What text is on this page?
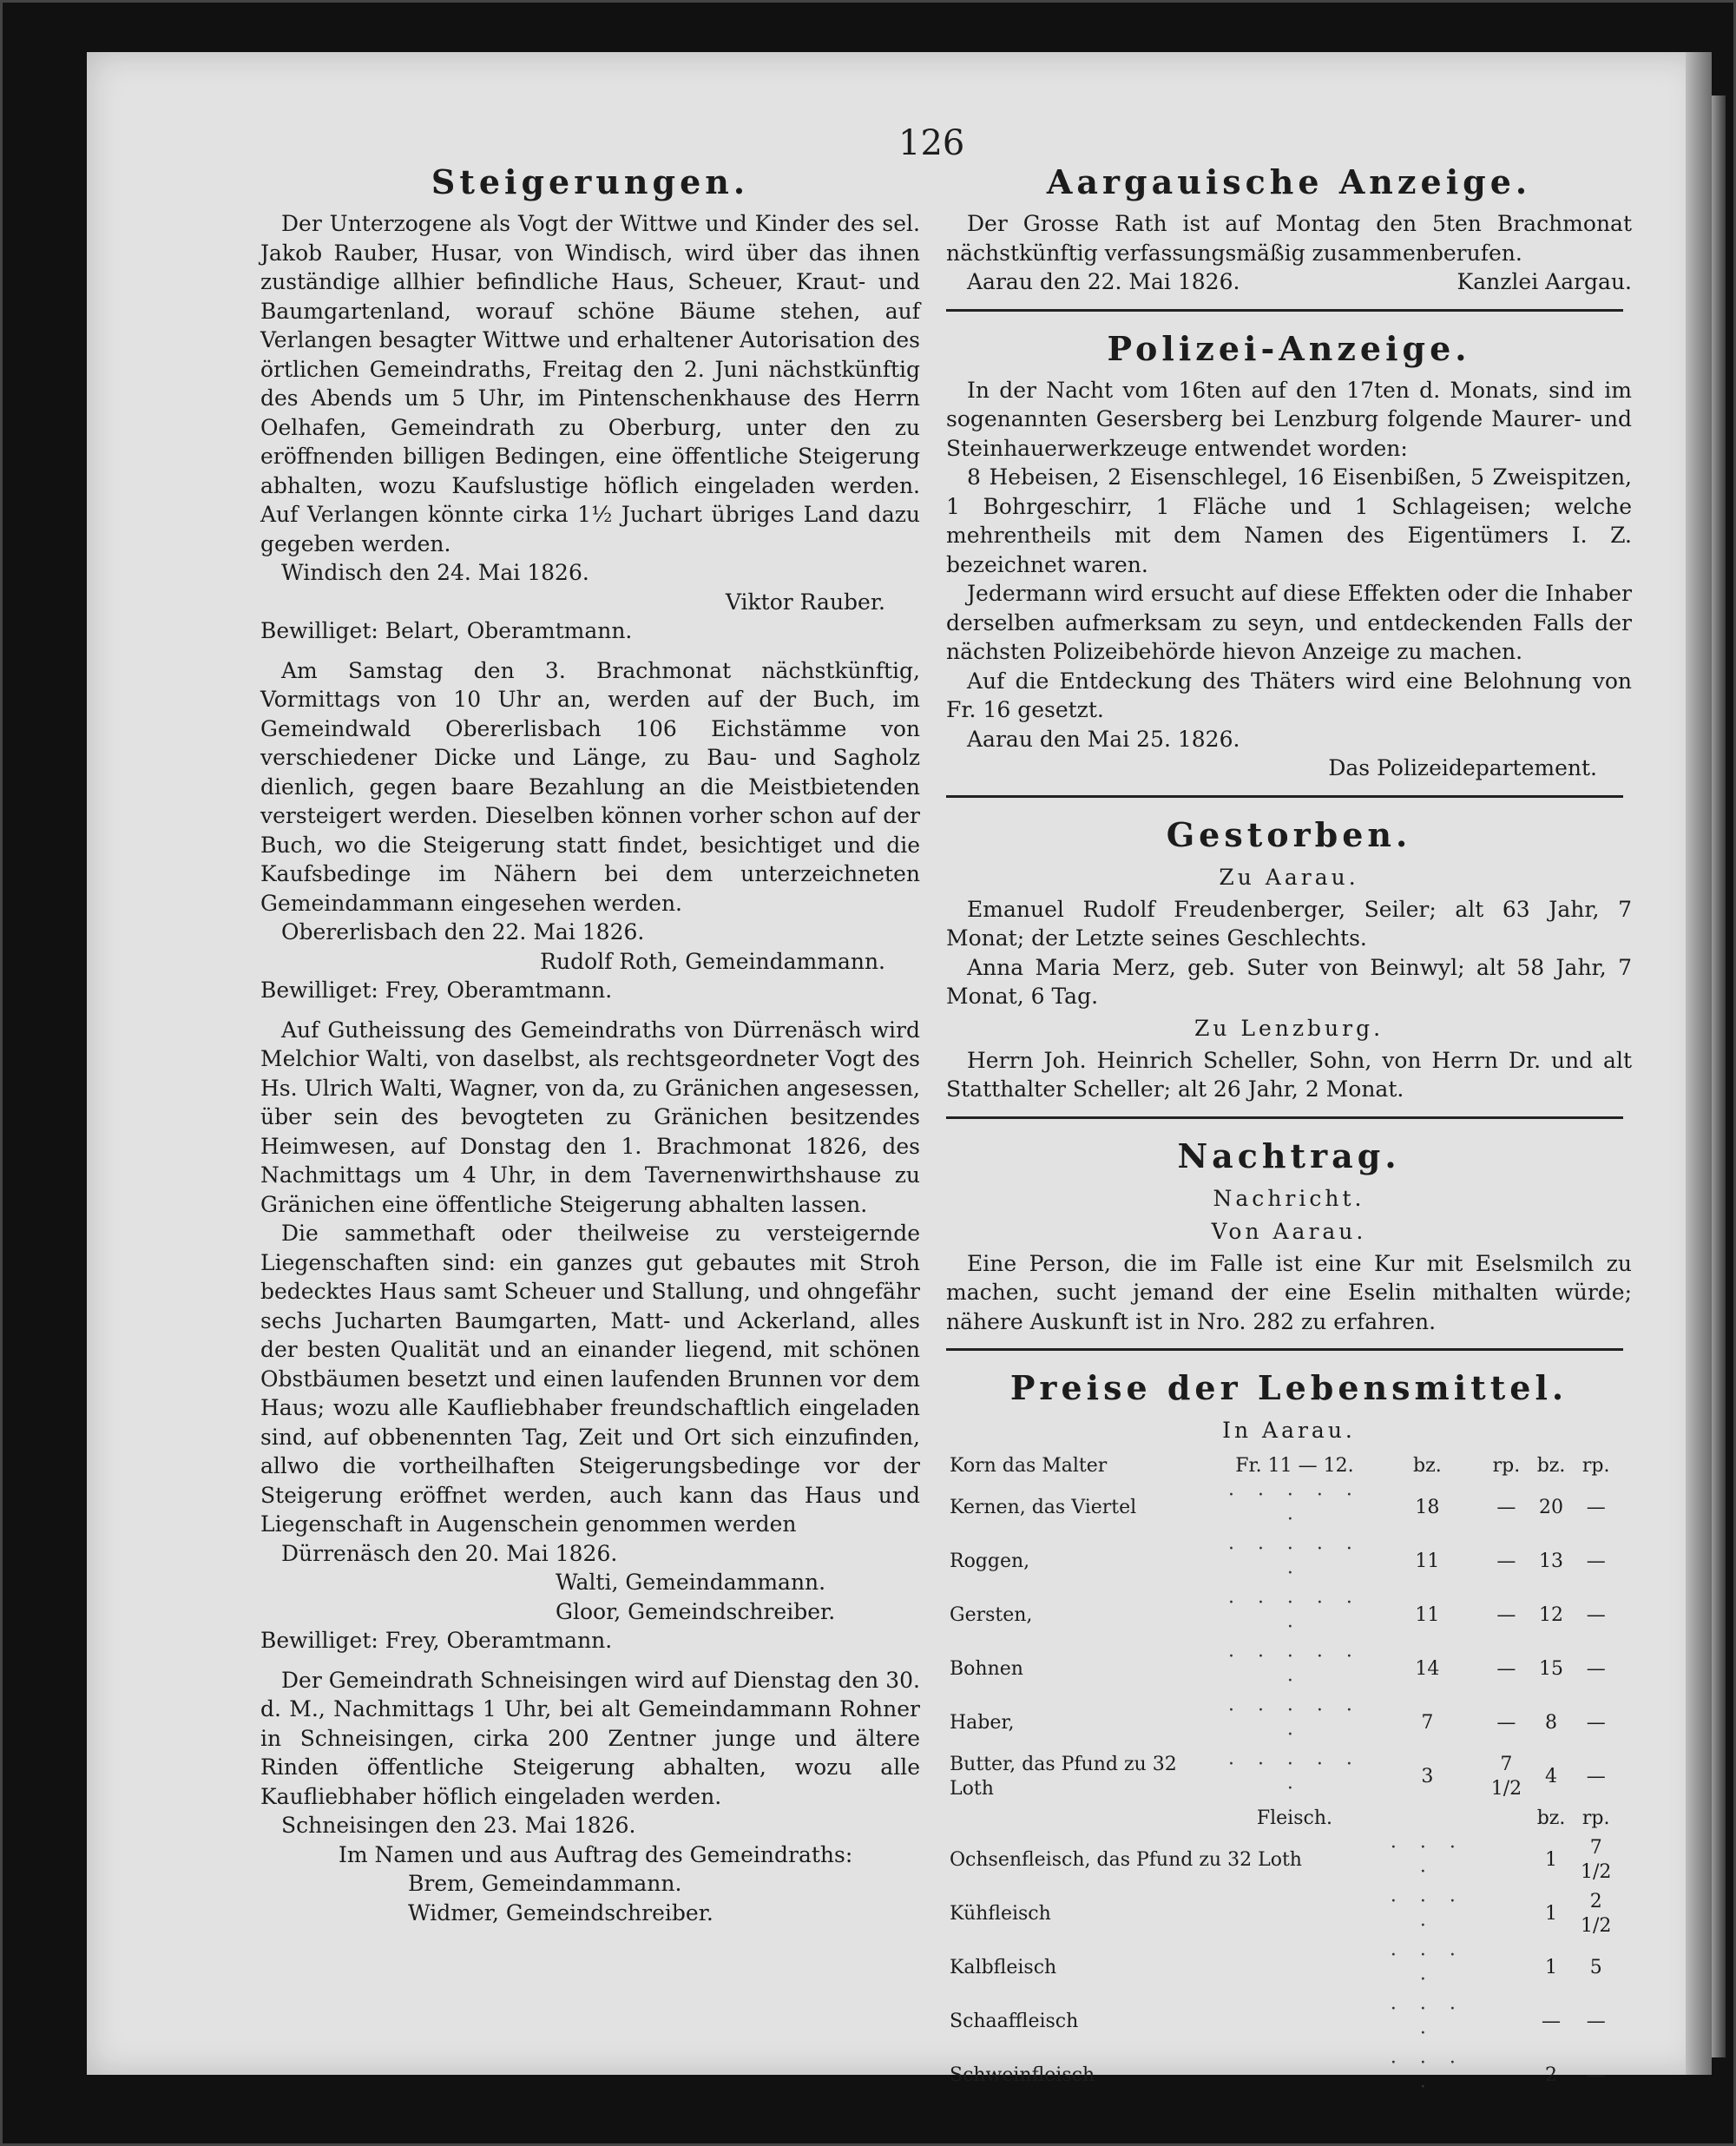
126
Steigerungen.

Der Unterzogene als Vogt der Wittwe und Kinder des sel. Jakob Rauber, Husar, von Windisch, wird über das ihnen zuständige allhier befindliche Haus, Scheuer, Kraut- und Baumgartenland, worauf schöne Bäume stehen, auf Verlangen besagter Wittwe und erhaltener Autorisation des örtlichen Gemeindraths, Freitag den 2. Juni nächstkünftig des Abends um 5 Uhr, im Pintenschenkhause des Herrn Oelhafen, Gemeindrath zu Oberburg, unter den zu eröffnenden billigen Bedingen, eine öffentliche Steigerung abhalten, wozu Kaufslustige höflich eingeladen werden. Auf Verlangen könnte cirka 1½ Juchart übriges Land dazu gegeben werden.

Windisch den 24. Mai 1826.
Viktor Rauber.
Bewilliget: Belart, Oberamtmann.

Am Samstag den 3. Brachmonat nächstkünftig, Vormittags von 10 Uhr an, werden auf der Buch, im Gemeindwald Obererlisbach 106 Eichstämme von verschiedener Dicke und Länge, zu Bau- und Sagholz dienlich, gegen baare Bezahlung an die Meistbietenden versteigert werden. Dieselben können vorher schon auf der Buch, wo die Steigerung statt findet, besichtiget und die Kaufsbedinge im Nähern bei dem unterzeichneten Gemeindammann eingesehen werden.

Obererlisbach den 22. Mai 1826.
Rudolf Roth, Gemeindammann.
Bewilliget: Frey, Oberamtmann.

Auf Gutheissung des Gemeindraths von Dürrenäsch wird Melchior Walti, von daselbst, als rechtsgeordneter Vogt des Hs. Ulrich Walti, Wagner, von da, zu Gränichen angesessen, über sein des bevogteten zu Gränichen besitzendes Heimwesen, auf Donstag den 1. Brachmonat 1826, des Nachmittags um 4 Uhr, in dem Tavernenwirthshause zu Gränichen eine öffentliche Steigerung abhalten lassen.

Die sammethaft oder theilweise zu versteigernde Liegenschaften sind: ein ganzes gut gebautes mit Stroh bedecktes Haus samt Scheuer und Stallung, und ohngefähr sechs Jucharten Baumgarten, Matt- und Ackerland, alles der besten Qualität und an einander liegend, mit schönen Obstbäumen besetzt und einen laufenden Brunnen vor dem Haus; wozu alle Kaufliebhaber freundschaftlich eingeladen sind, auf obbenennten Tag, Zeit und Ort sich einzufinden, allwo die vortheilhaften Steigerungsbedinge vor der Steigerung eröffnet werden, auch kann das Haus und Liegenschaft in Augenschein genommen werden

Dürrenäsch den 20. Mai 1826.
Walti, Gemeindammann.
Gloor, Gemeindschreiber.
Bewilliget: Frey, Oberamtmann.

Der Gemeindrath Schneisingen wird auf Dienstag den 30. d. M., Nachmittags 1 Uhr, bei alt Gemeindammann Rohner in Schneisingen, cirka 200 Zentner junge und ältere Rinden öffentliche Steigerung abhalten, wozu alle Kaufliebhaber höflich eingeladen werden.

Schneisingen den 23. Mai 1826.
Im Namen und aus Auftrag des Gemeindraths:
Brem, Gemeindammann.
Widmer, Gemeindschreiber.
Aargauische Anzeige.

Der Grosse Rath ist auf Montag den 5ten Brachmonat nächstkünftig verfassungsmäßig zusammenberufen.

Aarau den 22. Mai 1826.	Kanzlei Aargau.
Polizei-Anzeige.

In der Nacht vom 16ten auf den 17ten d. Monats, sind im sogenannten Gesersberg bei Lenzburg folgende Maurer- und Steinhauerwerkzeuge entwendet worden:

8 Hebeisen, 2 Eisenschlegel, 16 Eisenbißen, 5 Zweispitzen, 1 Bohrgeschirr, 1 Fläche und 1 Schlageisen; welche mehrentheils mit dem Namen des Eigentümers I. Z. bezeichnet waren.

Jedermann wird ersucht auf diese Effekten oder die Inhaber derselben aufmerksam zu seyn, und entdeckenden Falls der nächsten Polizeibehörde hievon Anzeige zu machen.

Auf die Entdeckung des Thäters wird eine Belohnung von Fr. 16 gesetzt.

Aarau den Mai 25. 1826.
Das Polizeidepartement.
Gestorben.
Zu Aarau.

Emanuel Rudolf Freudenberger, Seiler; alt 63 Jahr, 7 Monat; der Letzte seines Geschlechts.

Anna Maria Merz, geb. Suter von Beinwyl; alt 58 Jahr, 7 Monat, 6 Tag.

Zu Lenzburg.

Herrn Joh. Heinrich Scheller, Sohn, von Herrn Dr. und alt Statthalter Scheller; alt 26 Jahr, 2 Monat.

Nachtrag.
Nachricht.
Von Aarau.

Eine Person, die im Falle ist eine Kur mit Eselsmilch zu machen, sucht jemand der eine Eselin mithalten würde; nähere Auskunft ist in Nro. 282 zu erfahren.

Preise der Lebensmittel.
In Aarau.
Korn das Malter	Fr. 11 — 12.	bz.	rp.	bz.	rp.
Kernen, das Viertel	· · · · · ·	18	—	20	—
Roggen,	· · · · · ·	11	—	13	—
Gersten,	· · · · · ·	11	—	12	—
Bohnen	· · · · · ·	14	—	15	—
Haber,	· · · · · ·	7	—	8	—
Butter, das Pfund zu 32 Loth	· · · · · ·	3	7 1/2	4	—
	Fleisch.			bz.	rp.
Ochsenfleisch, das Pfund zu 32 Loth		· · · ·		1	7 1/2
Kühfleisch		· · · ·		1	2 1/2
Kalbfleisch		· · · ·		1	5
Schaaffleisch		· · · ·		—	—
Schweinfleisch		· · · ·		2	—
